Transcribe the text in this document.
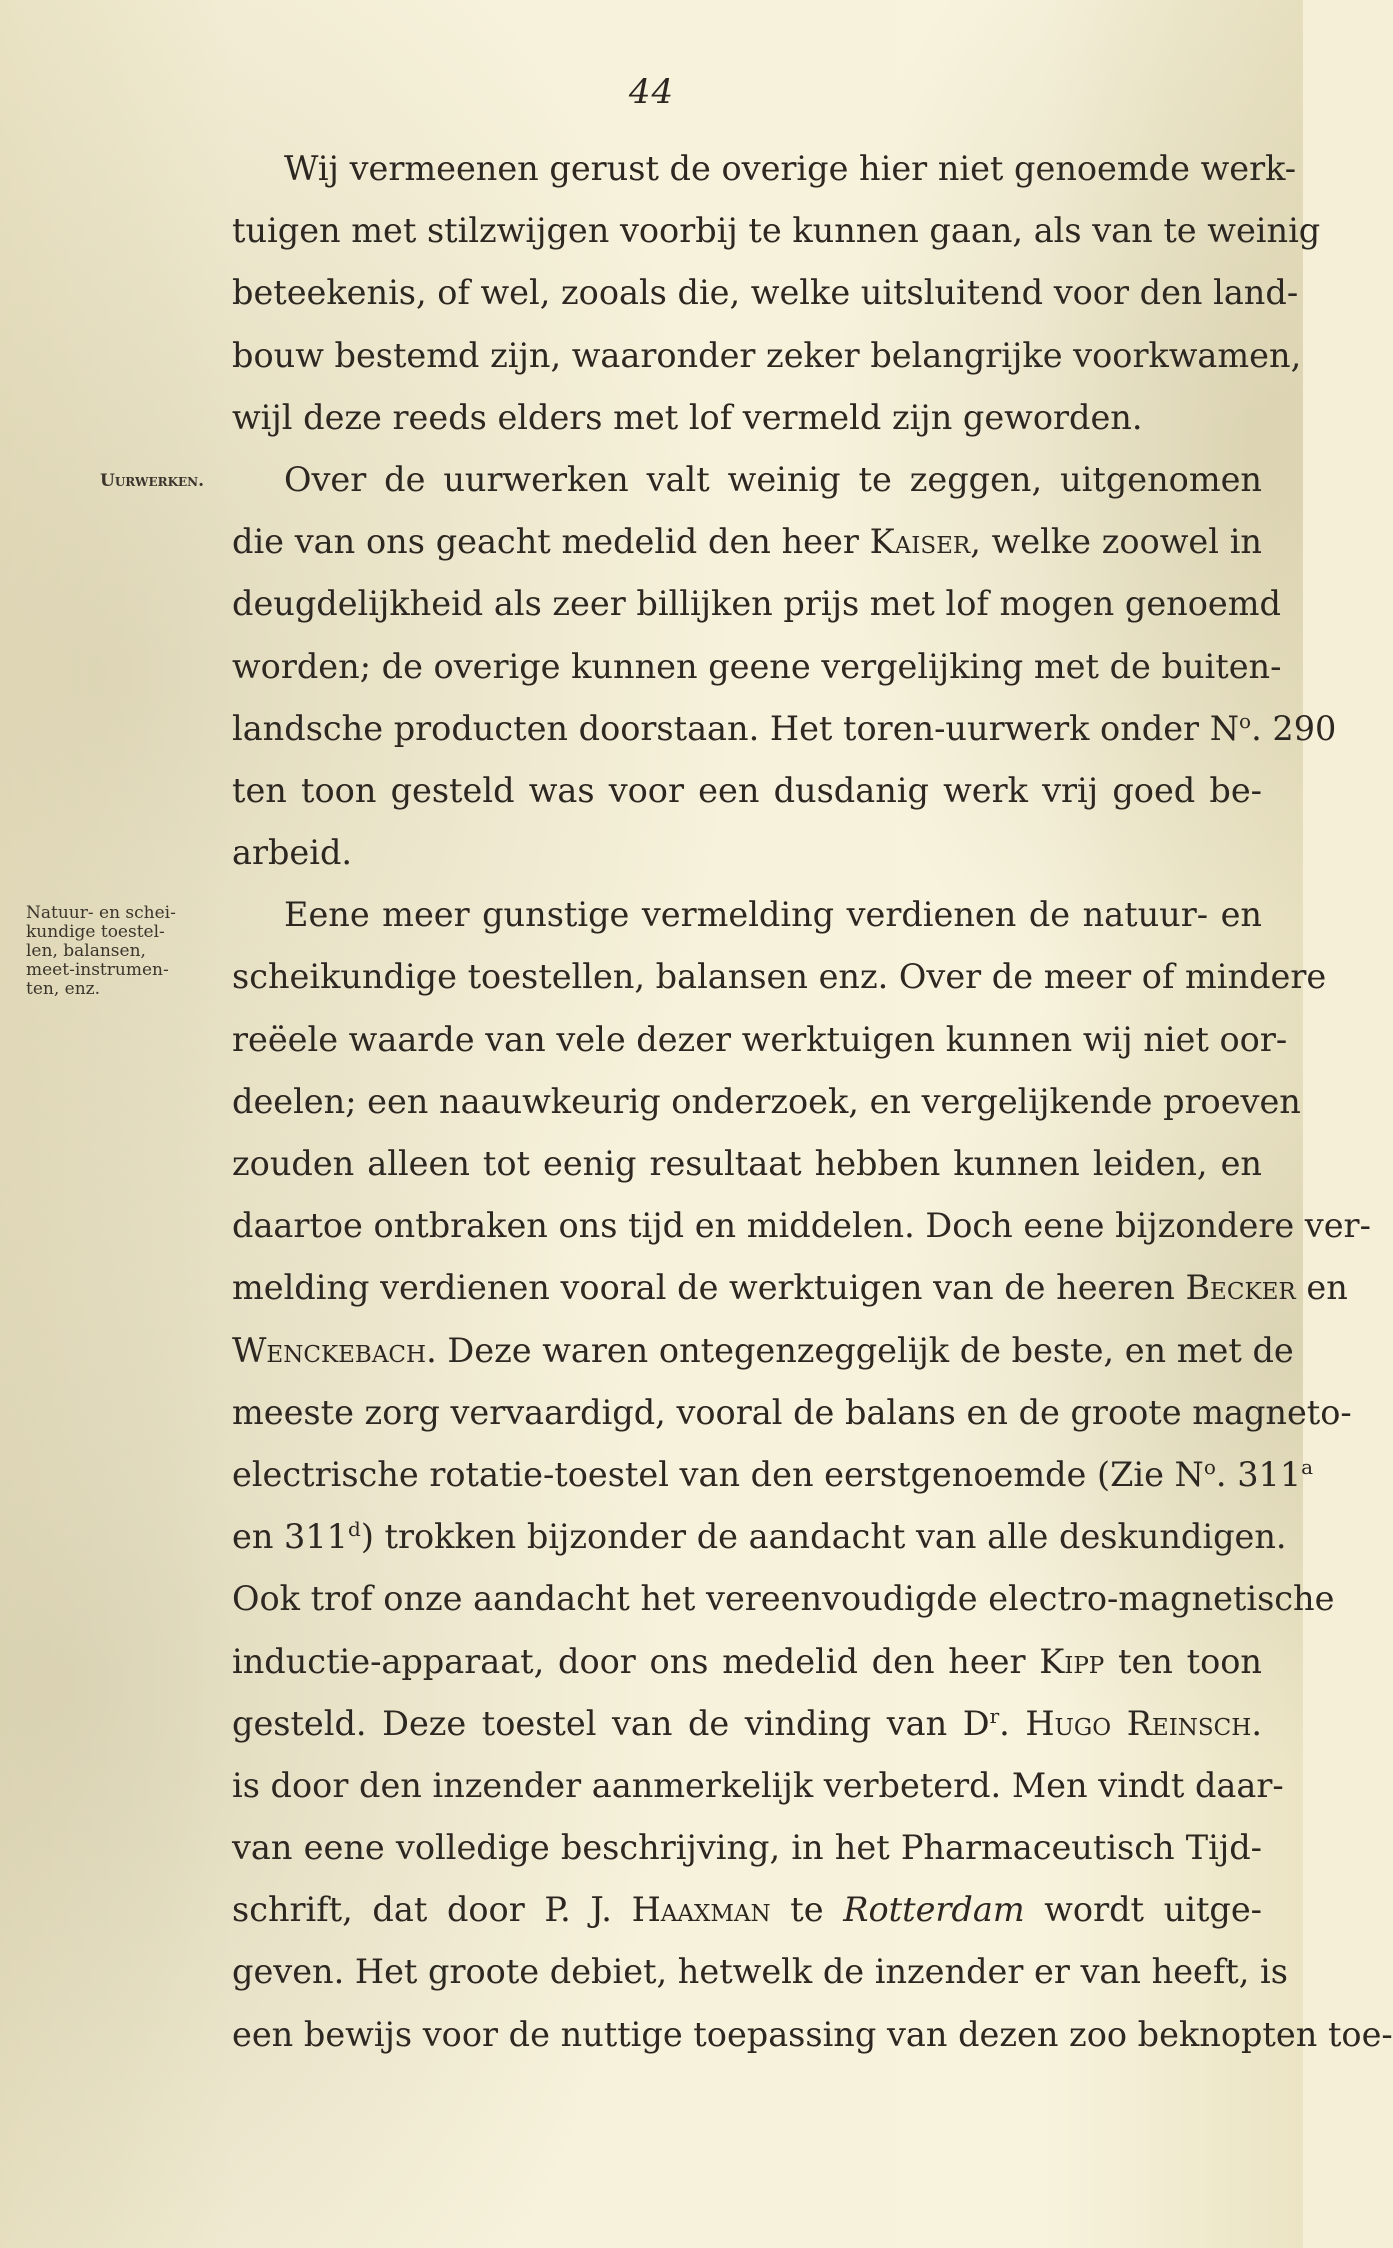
44
Uurwerken.
Natuur- en schei-
kundige toestel-
len, balansen,
meet-instrumen-
ten, enz.
Wij vermeenen gerust de overige hier niet genoemde werk-
tuigen met stilzwijgen voorbij te kunnen gaan, als van te weinig
beteekenis, of wel, zooals die, welke uitsluitend voor den land-
bouw bestemd zijn, waaronder zeker belangrijke voorkwamen,
wijl deze reeds elders met lof vermeld zijn geworden.
Over de uurwerken valt weinig te zeggen, uitgenomen
die van ons geacht medelid den heer Kaiser, welke zoowel in
deugdelijkheid als zeer billijken prijs met lof mogen genoemd
worden; de overige kunnen geene vergelijking met de buiten-
landsche producten doorstaan. Het toren-uurwerk onder $N^o$. 290
ten toon gesteld was voor een dusdanig werk vrij goed be-
arbeid.
Eene meer gunstige vermelding verdienen de natuur- en
scheikundige toestellen, balansen enz. Over de meer of mindere
reëele waarde van vele dezer werktuigen kunnen wij niet oor-
deelen; een naauwkeurig onderzoek, en vergelijkende proeven
zouden alleen tot eenig resultaat hebben kunnen leiden, en
daartoe ontbraken ons tijd en middelen. Doch eene bijzondere ver-
melding verdienen vooral de werktuigen van de heeren Becker en
Wenckebach. Deze waren ontegenzeggelijk de beste, en met de
meeste zorg vervaardigd, vooral de balans en de groote magneto-
electrische rotatie-toestel van den eerstgenoemde (Zie $N^o$. 311$^a$
en 311$^d$) trokken bijzonder de aandacht van alle deskundigen.
Ook trof onze aandacht het vereenvoudigde electro-magnetische
inductie-apparaat, door ons medelid den heer Kipp ten toon
gesteld. Deze toestel van de vinding van $D^r$. Hugo Reinsch.
is door den inzender aanmerkelijk verbeterd. Men vindt daar-
van eene volledige beschrijving, in het Pharmaceutisch Tijd-
schrift, dat door P. J. Haaxman te Rotterdam wordt uitge-
geven. Het groote debiet, hetwelk de inzender er van heeft, is
een bewijs voor de nuttige toepassing van dezen zoo beknopten toe-
